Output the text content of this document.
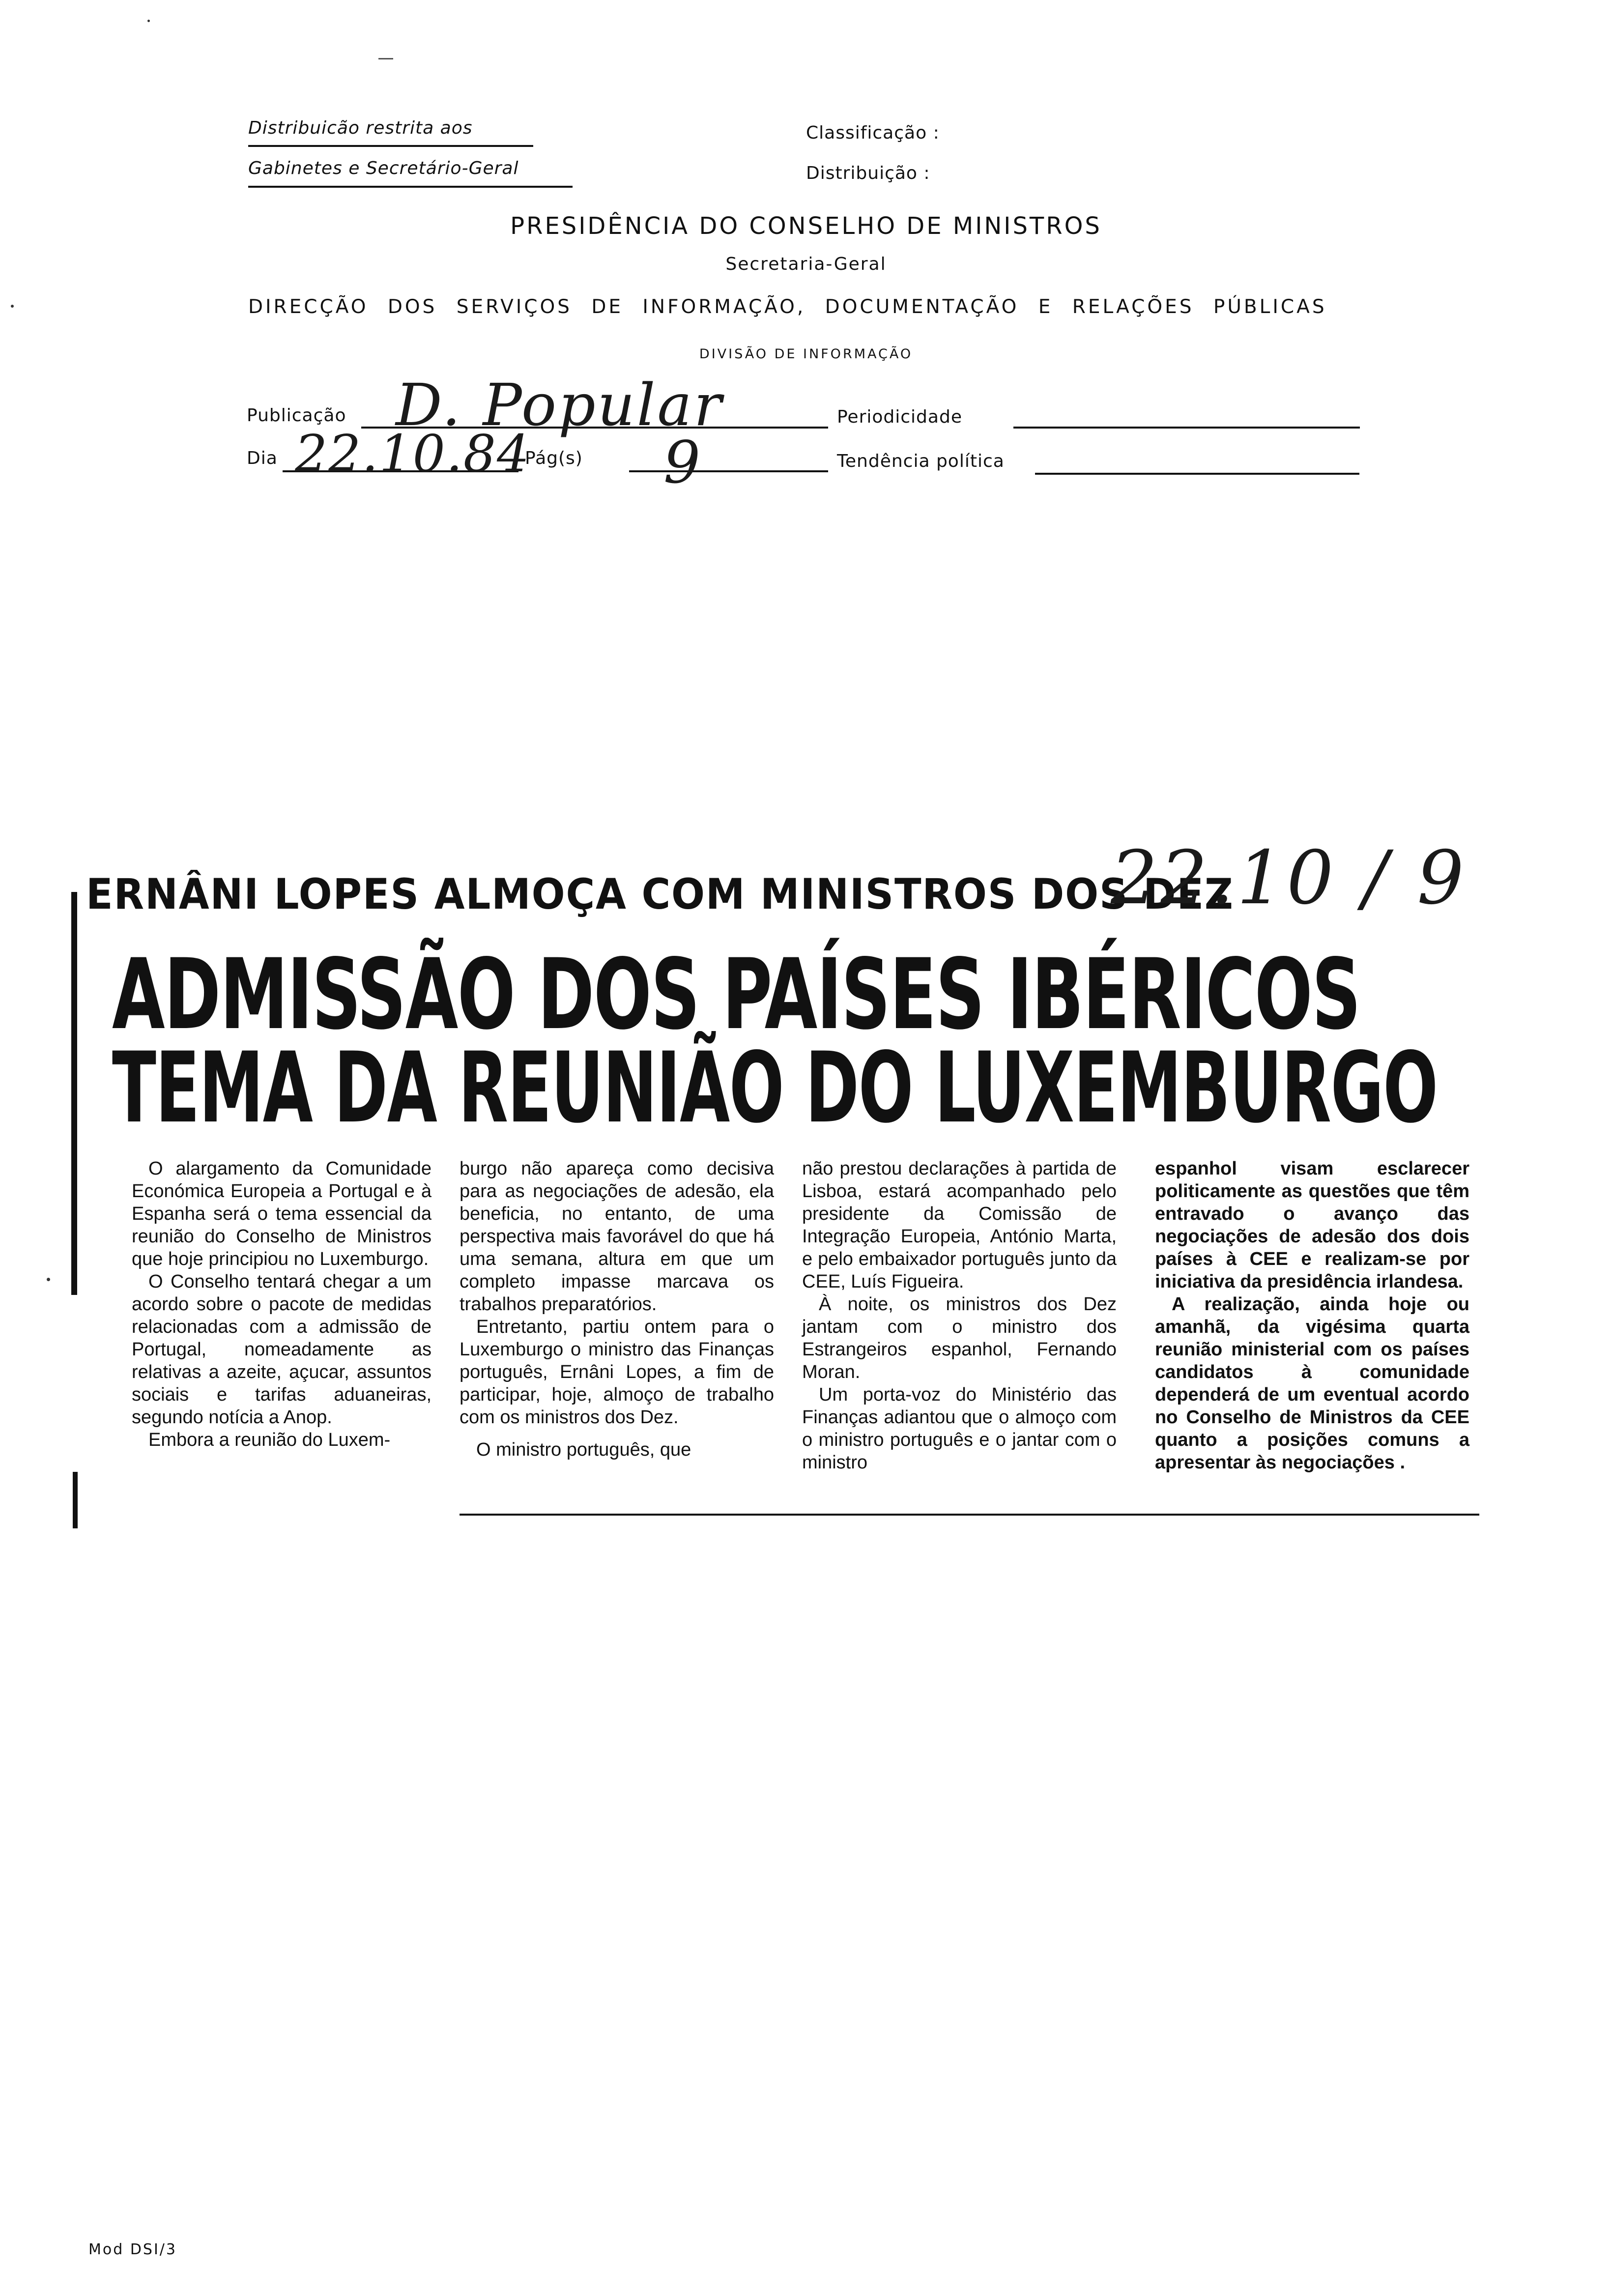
Distribuicão restrita aos
Gabinetes e Secretário-Geral
Classificação :
Distribuição :
PRESIDÊNCIA DO CONSELHO DE MINISTROS
Secretaria-Geral
DIRECÇÃO DOS SERVIÇOS DE INFORMAÇÃO, DOCUMENTAÇÃO E RELAÇÕES PÚBLICAS
DIVISÃO DE INFORMAÇÃO
Publicação D. Popular	Periodicidade
Dia 22.10.84
Pág(s) 9	Tendência política
ERNÂNI LOPES ALMOÇA COM MINISTROS DOS DEZ
22.10 / 9
ADMISSÃO DOS PAÍSES IBÉRICOS
TEMA DA REUNIÃO DO LUXEMBURGO

O alargamento da Comunidade Económica Europeia a Portugal e à Espanha será o tema essencial da reunião do Conselho de Ministros que hoje principiou no Luxemburgo.

O Conselho tentará chegar a um acordo sobre o pacote de medidas relacionadas com a admissão de Portugal, nomeadamente as relativas a azeite, açucar, assuntos sociais e tarifas aduaneiras, segundo notícia a Anop.

Embora a reunião do Luxem-

burgo não apareça como decisiva para as negociações de adesão, ela beneficia, no entanto, de uma perspectiva mais favorável do que há uma semana, altura em que um completo impasse marcava os trabalhos preparatórios.

Entretanto, partiu ontem para o Luxemburgo o ministro das Finanças português, Ernâni Lopes, a fim de participar, hoje, almoço de trabalho com os ministros dos Dez.

O ministro português, que

não prestou declarações à partida de Lisboa, estará acompanhado pelo presidente da Comissão de Integração Europeia, António Marta, e pelo embaixador português junto da CEE, Luís Figueira.

À noite, os ministros dos Dez jantam com o ministro dos Estrangeiros espanhol, Fernando Moran.

Um porta-voz do Ministério das Finanças adiantou que o almoço com o ministro português e o jantar com o ministro

espanhol visam esclarecer politicamente as questões que têm entravado o avanço das negociações de adesão dos dois países à CEE e realizam-se por iniciativa da presidência irlandesa.

A realização, ainda hoje ou amanhã, da vigésima quarta reunião ministerial com os países candidatos à comunidade dependerá de um eventual acordo no Conselho de Ministros da CEE quanto a posições comuns a apresentar às negociações .

Mod DSI/3
